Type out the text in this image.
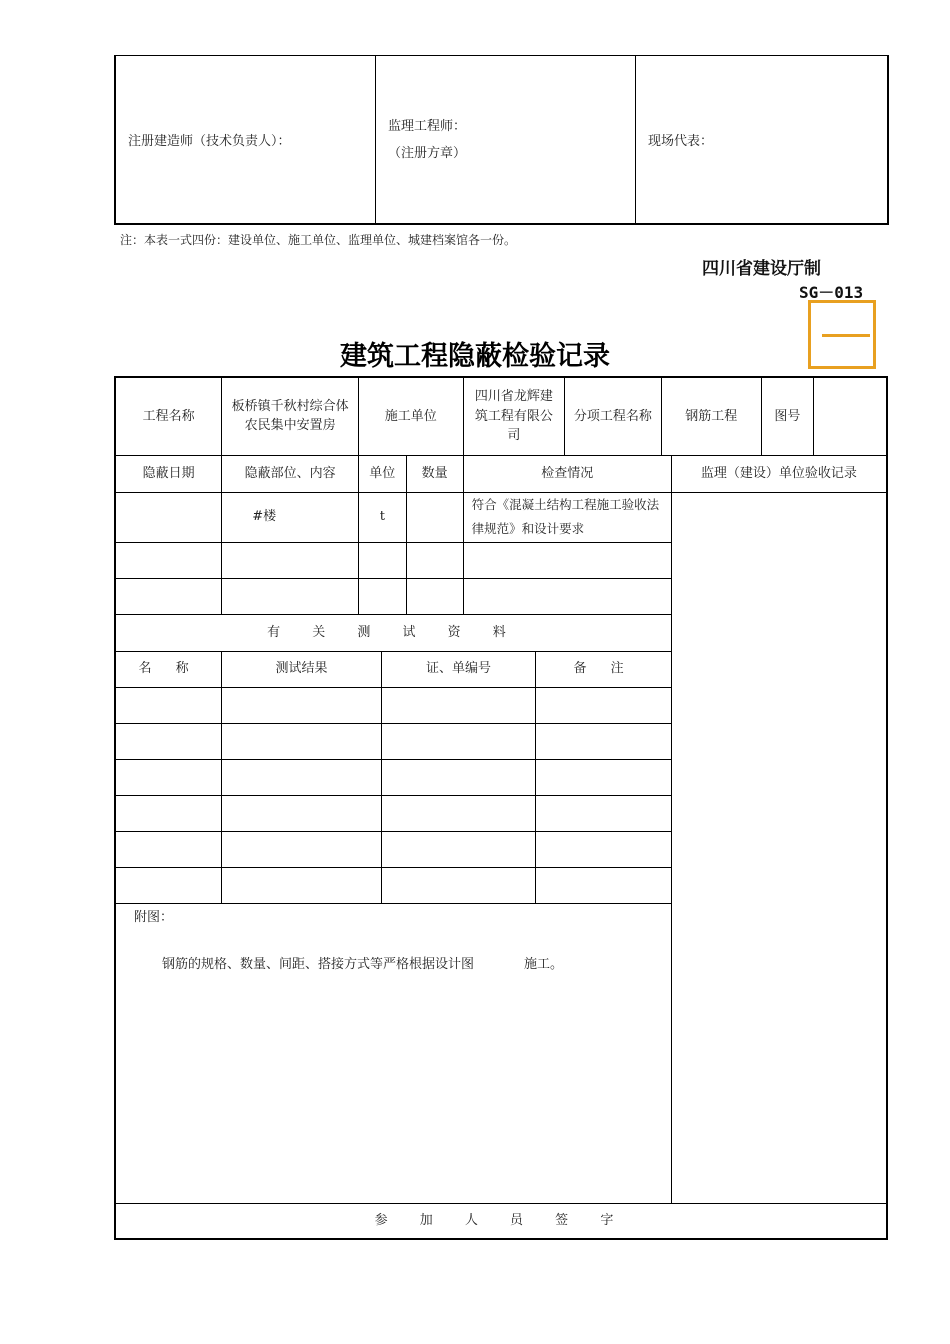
注册建造师（技术负责人）：	
监理工程师：
（注册方章）
	现场代表：
注：本表一式四份：建设单位、施工单位、监理单位、城建档案馆各一份。
四川省建设厅制
SG－013
建筑工程隐蔽检验记录
工程名称	板桥镇千秋村综合体农民集中安置房	施工单位			四川省龙辉建筑工程有限公司		分项工程名称	钢筋工程		图号	
隐蔽日期	隐蔽部位、内容	单位		数量	检查情况				监理（建设）单位验收记录		
	#楼	t			符合《混凝土结构工程施工验收法律规范》和设计要求						

有 关 测 试 资 料											
名 称	测试结果		证、单编号			备 注					

附图：
钢筋的规格、数量、间距、搭接方式等严格根据设计图 施工。											

参 加 人 员 签 字											
